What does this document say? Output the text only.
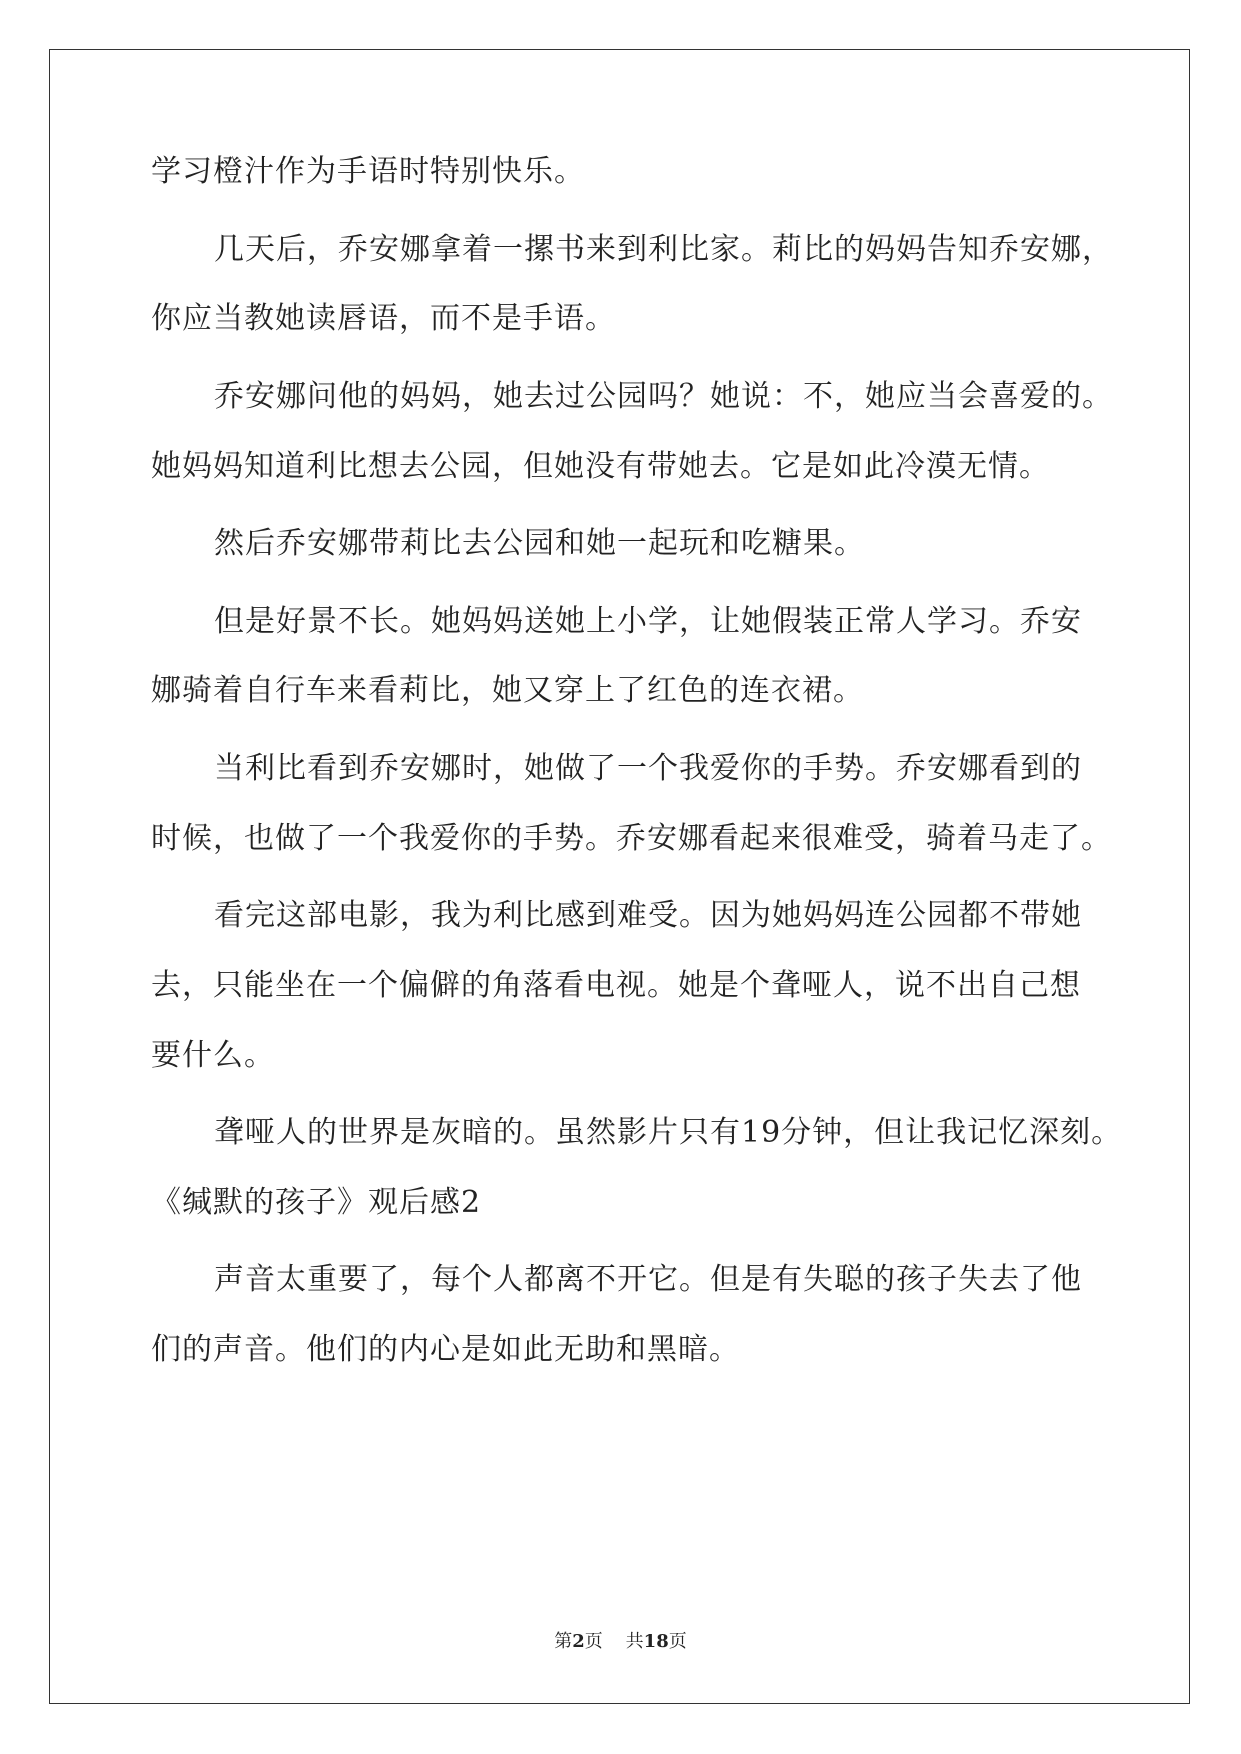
学习橙汁作为手语时特别快乐。
几天后，乔安娜拿着一摞书来到利比家。莉比的妈妈告知乔安娜，
你应当教她读唇语，而不是手语。
乔安娜问他的妈妈，她去过公园吗？她说：不，她应当会喜爱的。
她妈妈知道利比想去公园，但她没有带她去。它是如此冷漠无情。
然后乔安娜带莉比去公园和她一起玩和吃糖果。
但是好景不长。她妈妈送她上小学，让她假装正常人学习。乔安
娜骑着自行车来看莉比，她又穿上了红色的连衣裙。
当利比看到乔安娜时，她做了一个我爱你的手势。乔安娜看到的
时候，也做了一个我爱你的手势。乔安娜看起来很难受，骑着马走了。
看完这部电影，我为利比感到难受。因为她妈妈连公园都不带她
去，只能坐在一个偏僻的角落看电视。她是个聋哑人，说不出自己想
要什么。
聋哑人的世界是灰暗的。虽然影片只有19分钟，但让我记忆深刻。
《缄默的孩子》观后感2
声音太重要了，每个人都离不开它。但是有失聪的孩子失去了他
们的声音。他们的内心是如此无助和黑暗。
第2页 共18页
